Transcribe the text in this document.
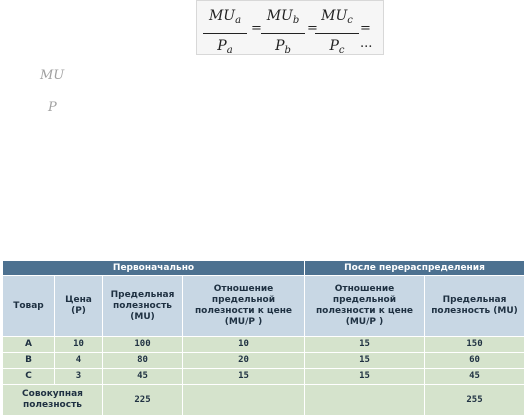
$MU_a$
$P_a$
=
$MU_b$
$P_b$
=
$MU_c$
$P_c$
= ...
MU
P
Первоначально				После перераспределения	
Товар	Цена (P)	Предельная полезность (MU)	Отношение предельной полезности к цене (MU/P )	Отношение предельной полезности к цене (MU/P )	Предельная полезность (MU)
A	10	100	10	15	150
B	4	80	20	15	60
C	3	45	15	15	45
Совокупная полезность		225			255
